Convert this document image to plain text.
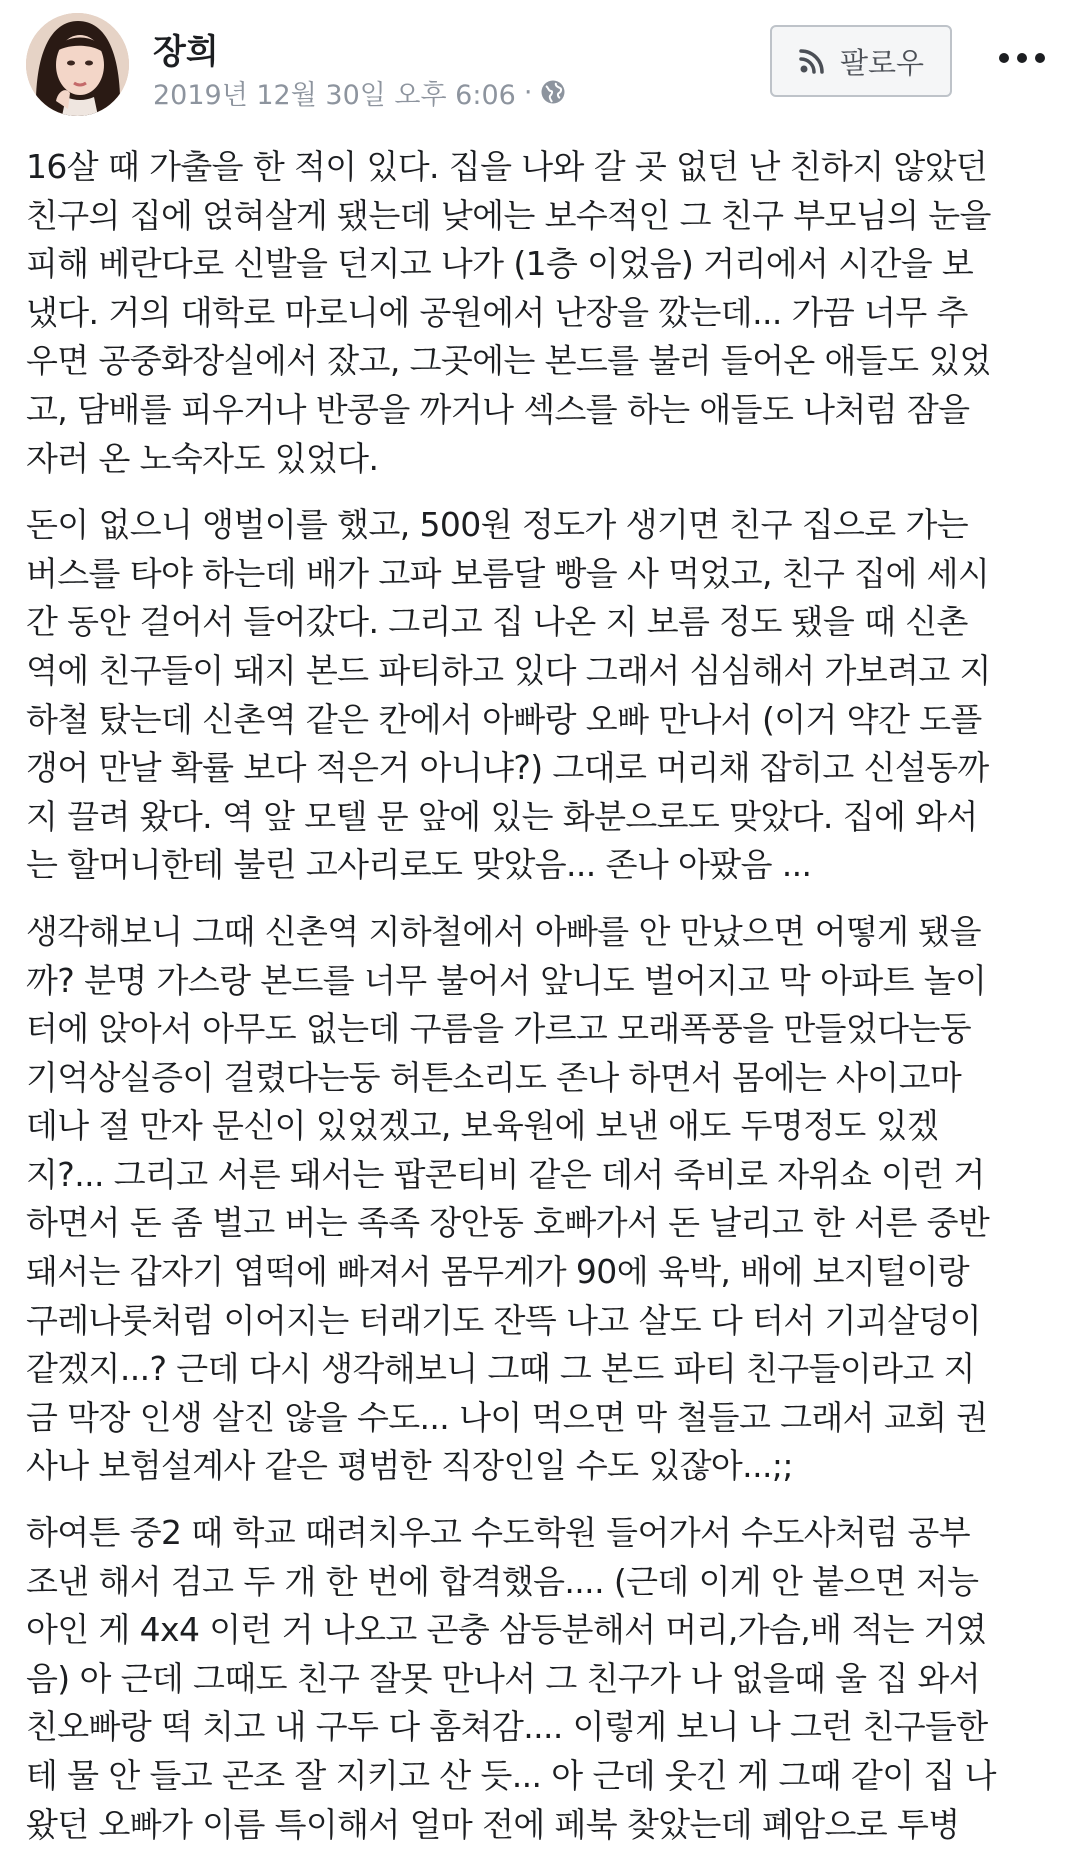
장희
2019년 12월 30일 오후 6:06 ·
팔로우

16살 때 가출을 한 적이 있다. 집을 나와 갈 곳 없던 난 친하지 않았던
친구의 집에 얹혀살게 됐는데 낮에는 보수적인 그 친구 부모님의 눈을
피해 베란다로 신발을 던지고 나가 (1층 이었음) 거리에서 시간을 보
냈다. 거의 대학로 마로니에 공원에서 난장을 깠는데... 가끔 너무 추
우면 공중화장실에서 잤고, 그곳에는 본드를 불러 들어온 애들도 있었
고, 담배를 피우거나 반콩을 까거나 섹스를 하는 애들도 나처럼 잠을
자러 온 노숙자도 있었다.

돈이 없으니 앵벌이를 했고, 500원 정도가 생기면 친구 집으로 가는
버스를 타야 하는데 배가 고파 보름달 빵을 사 먹었고, 친구 집에 세시
간 동안 걸어서 들어갔다. 그리고 집 나온 지 보름 정도 됐을 때 신촌
역에 친구들이 돼지 본드 파티하고 있다 그래서 심심해서 가보려고 지
하철 탔는데 신촌역 같은 칸에서 아빠랑 오빠 만나서 (이거 약간 도플
갱어 만날 확률 보다 적은거 아니냐?) 그대로 머리채 잡히고 신설동까
지 끌려 왔다. 역 앞 모텔 문 앞에 있는 화분으로도 맞았다. 집에 와서
는 할머니한테 불린 고사리로도 맞았음... 존나 아팠음 ...

생각해보니 그때 신촌역 지하철에서 아빠를 안 만났으면 어떻게 됐을
까? 분명 가스랑 본드를 너무 불어서 앞니도 벌어지고 막 아파트 놀이
터에 앉아서 아무도 없는데 구름을 가르고 모래폭풍을 만들었다는둥
기억상실증이 걸렸다는둥 허튼소리도 존나 하면서 몸에는 사이고마
데나 절 만자 문신이 있었겠고, 보육원에 보낸 애도 두명정도 있겠
지?... 그리고 서른 돼서는 팝콘티비 같은 데서 죽비로 자위쇼 이런 거
하면서 돈 좀 벌고 버는 족족 장안동 호빠가서 돈 날리고 한 서른 중반
돼서는 갑자기 엽떡에 빠져서 몸무게가 90에 육박, 배에 보지털이랑
구레나룻처럼 이어지는 터래기도 잔뜩 나고 살도 다 터서 기괴살덩이
같겠지...? 근데 다시 생각해보니 그때 그 본드 파티 친구들이라고 지
금 막장 인생 살진 않을 수도... 나이 먹으면 막 철들고 그래서 교회 권
사나 보험설계사 같은 평범한 직장인일 수도 있잖아...;;

하여튼 중2 때 학교 때려치우고 수도학원 들어가서 수도사처럼 공부
조낸 해서 검고 두 개 한 번에 합격했음.... (근데 이게 안 붙으면 저능
아인 게 4x4 이런 거 나오고 곤충 삼등분해서 머리,가슴,배 적는 거였
음) 아 근데 그때도 친구 잘못 만나서 그 친구가 나 없을때 울 집 와서
친오빠랑 떡 치고 내 구두 다 훔쳐감.... 이렇게 보니 나 그런 친구들한
테 물 안 들고 곤조 잘 지키고 산 듯... 아 근데 웃긴 게 그때 같이 집 나
왔던 오빠가 이름 특이해서 얼마 전에 페북 찾았는데 폐암으로 투병
